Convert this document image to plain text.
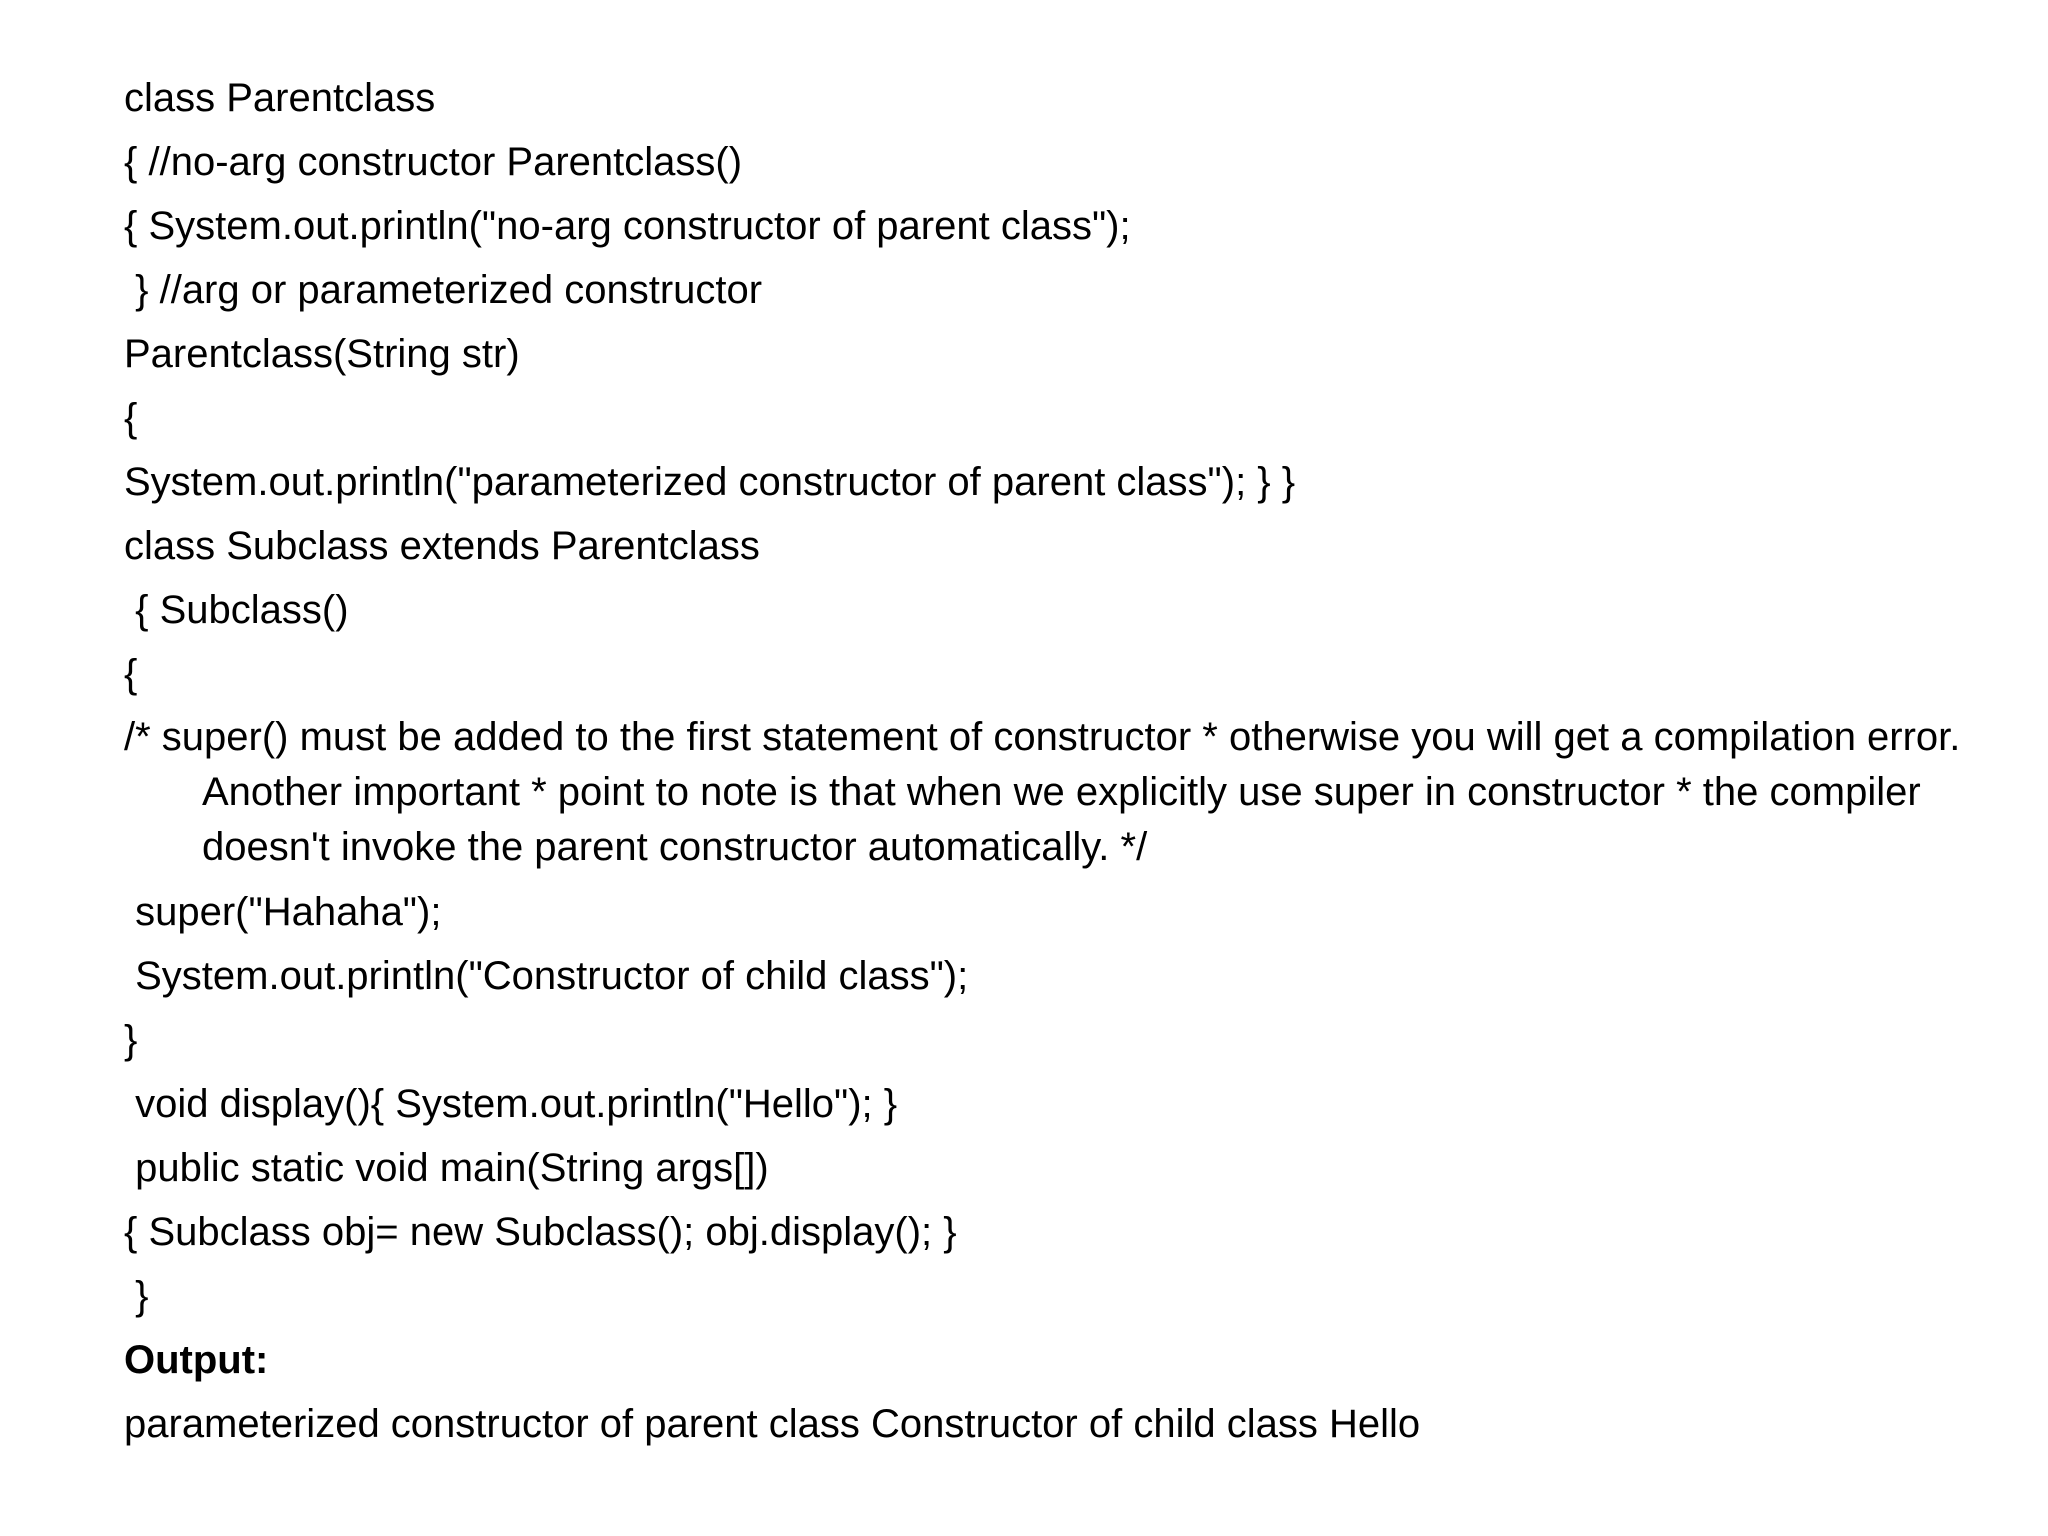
class Parentclass

{ //no-arg constructor Parentclass()

{ System.out.println("no-arg constructor of parent class");

} //arg or parameterized constructor

Parentclass(String str)

{

System.out.println("parameterized constructor of parent class"); } }

class Subclass extends Parentclass

{ Subclass()

{

/* super() must be added to the first statement of constructor * otherwise you will get a compilation error. Another important * point to note is that when we explicitly use super in constructor * the compiler doesn't invoke the parent constructor automatically. */

super("Hahaha");

System.out.println("Constructor of child class");

}

void display(){ System.out.println("Hello"); }

public static void main(String args[])

{ Subclass obj= new Subclass(); obj.display(); }

}

Output:

parameterized constructor of parent class Constructor of child class Hello
